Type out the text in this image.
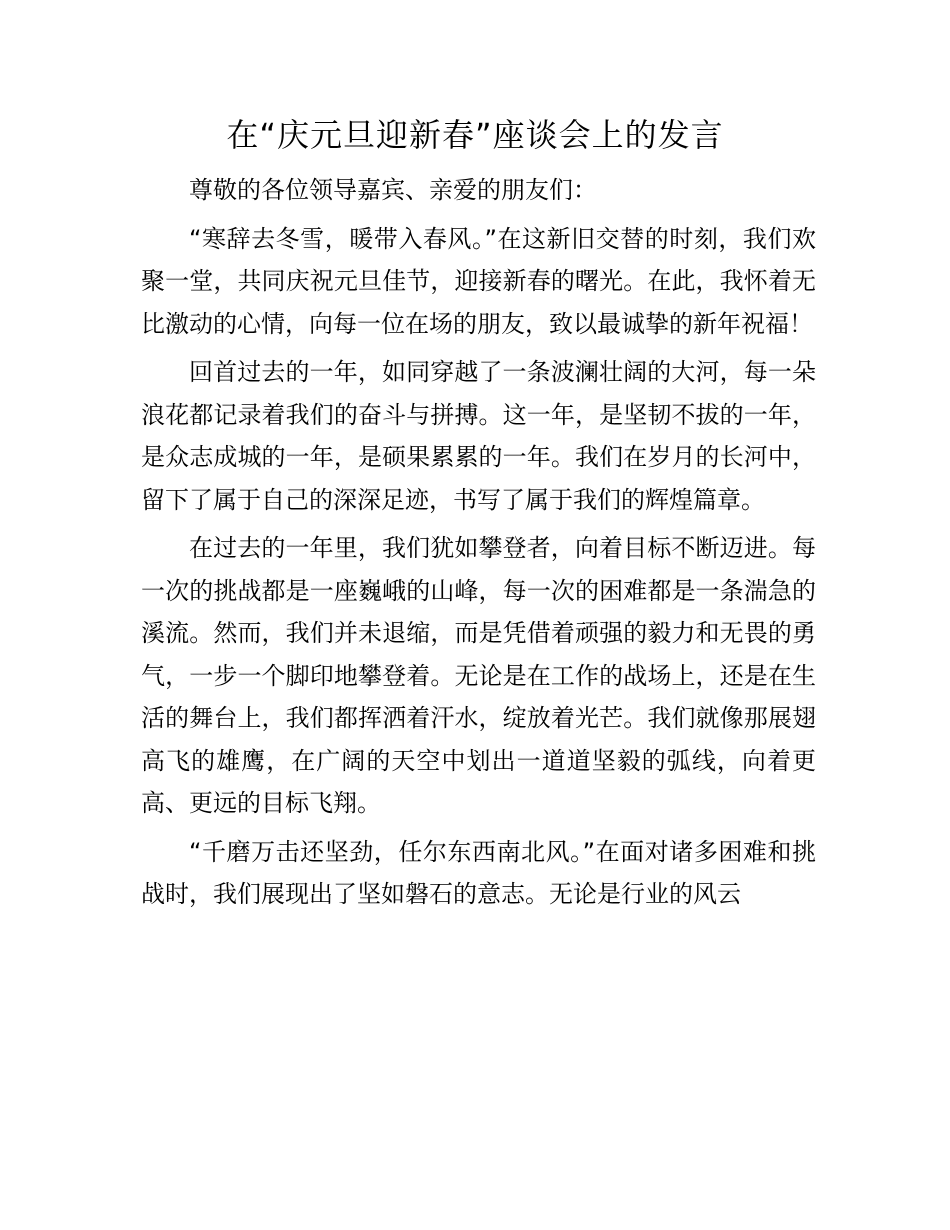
在“庆元旦迎新春”座谈会上的发言

尊敬的各位领导嘉宾、亲爱的朋友们：

“寒辞去冬雪，暖带入春风。”在这新旧交替的时刻，我们欢聚一堂，共同庆祝元旦佳节，迎接新春的曙光。在此，我怀着无比激动的心情，向每一位在场的朋友，致以最诚挚的新年祝福！

回首过去的一年，如同穿越了一条波澜壮阔的大河，每一朵浪花都记录着我们的奋斗与拼搏。这一年，是坚韧不拔的一年，是众志成城的一年，是硕果累累的一年。我们在岁月的长河中，留下了属于自己的深深足迹，书写了属于我们的辉煌篇章。

在过去的一年里，我们犹如攀登者，向着目标不断迈进。每一次的挑战都是一座巍峨的山峰，每一次的困难都是一条湍急的溪流。然而，我们并未退缩，而是凭借着顽强的毅力和无畏的勇气，一步一个脚印地攀登着。无论是在工作的战场上，还是在生活的舞台上，我们都挥洒着汗水，绽放着光芒。我们就像那展翅高飞的雄鹰，在广阔的天空中划出一道道坚毅的弧线，向着更高、更远的目标飞翔。

“千磨万击还坚劲，任尔东西南北风。”在面对诸多困难和挑战时，我们展现出了坚如磐石的意志。无论是行业的风云
